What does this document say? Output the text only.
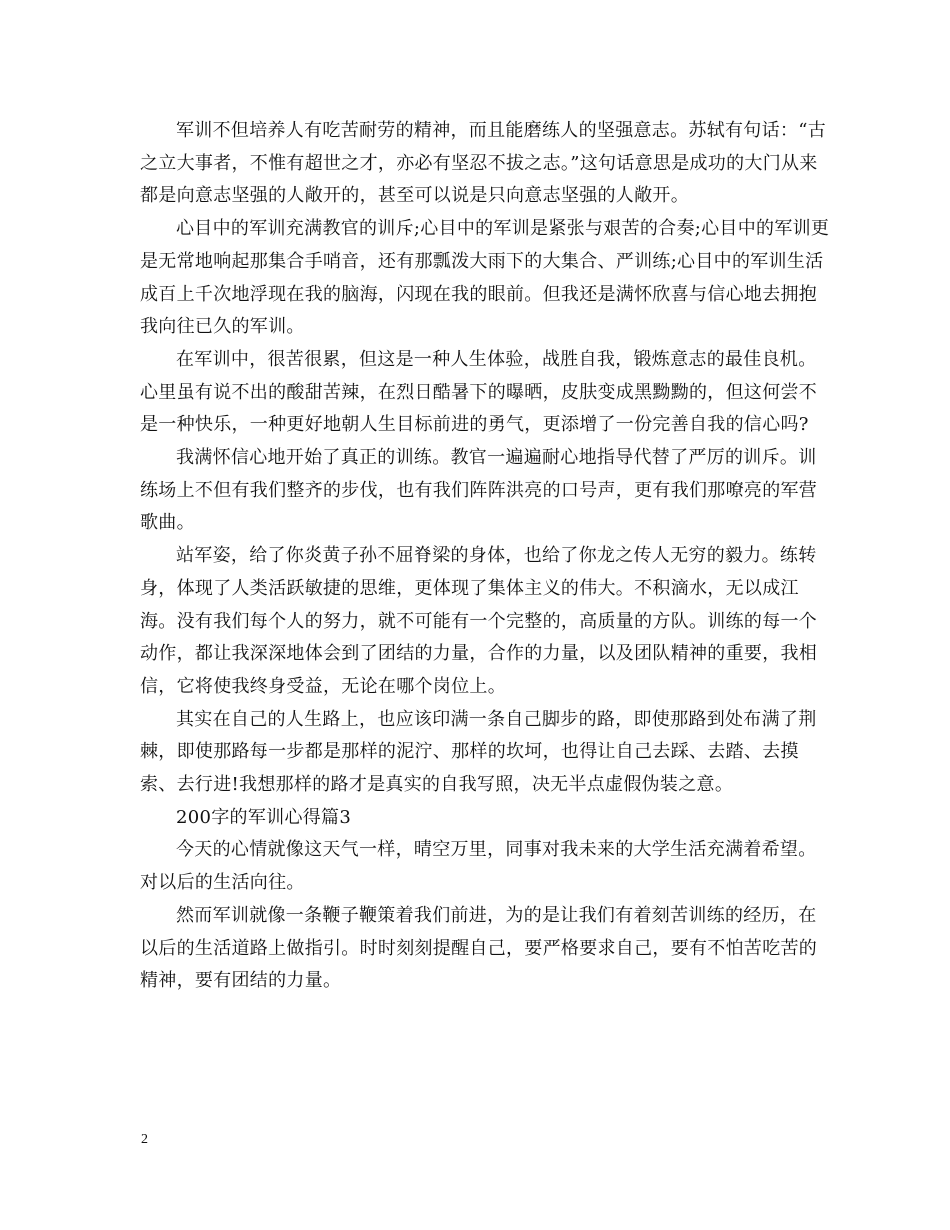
军训不但培养人有吃苦耐劳的精神，而且能磨练人的坚强意志。苏轼有句话：“古之立大事者，不惟有超世之才，亦必有坚忍不拔之志。”这句话意思是成功的大门从来都是向意志坚强的人敞开的，甚至可以说是只向意志坚强的人敞开。

心目中的军训充满教官的训斥;心目中的军训是紧张与艰苦的合奏;心目中的军训更是无常地响起那集合手哨音，还有那瓢泼大雨下的大集合、严训练;心目中的军训生活成百上千次地浮现在我的脑海，闪现在我的眼前。但我还是满怀欣喜与信心地去拥抱我向往已久的军训。

在军训中，很苦很累，但这是一种人生体验，战胜自我，锻炼意志的最佳良机。心里虽有说不出的酸甜苦辣，在烈日酷暑下的曝晒，皮肤变成黑黝黝的，但这何尝不是一种快乐，一种更好地朝人生目标前进的勇气，更添增了一份完善自我的信心吗?

我满怀信心地开始了真正的训练。教官一遍遍耐心地指导代替了严厉的训斥。训练场上不但有我们整齐的步伐，也有我们阵阵洪亮的口号声，更有我们那嘹亮的军营歌曲。

站军姿，给了你炎黄子孙不屈脊梁的身体，也给了你龙之传人无穷的毅力。练转身，体现了人类活跃敏捷的思维，更体现了集体主义的伟大。不积滴水，无以成江海。没有我们每个人的努力，就不可能有一个完整的，高质量的方队。训练的每一个动作，都让我深深地体会到了团结的力量，合作的力量，以及团队精神的重要，我相信，它将使我终身受益，无论在哪个岗位上。

其实在自己的人生路上，也应该印满一条自己脚步的路，即使那路到处布满了荆棘，即使那路每一步都是那样的泥泞、那样的坎坷，也得让自己去踩、去踏、去摸索、去行进!我想那样的路才是真实的自我写照，决无半点虚假伪装之意。

200字的军训心得篇3

今天的心情就像这天气一样，晴空万里，同事对我未来的大学生活充满着希望。对以后的生活向往。

然而军训就像一条鞭子鞭策着我们前进，为的是让我们有着刻苦训练的经历，在以后的生活道路上做指引。时时刻刻提醒自己，要严格要求自己，要有不怕苦吃苦的精神，要有团结的力量。

2
